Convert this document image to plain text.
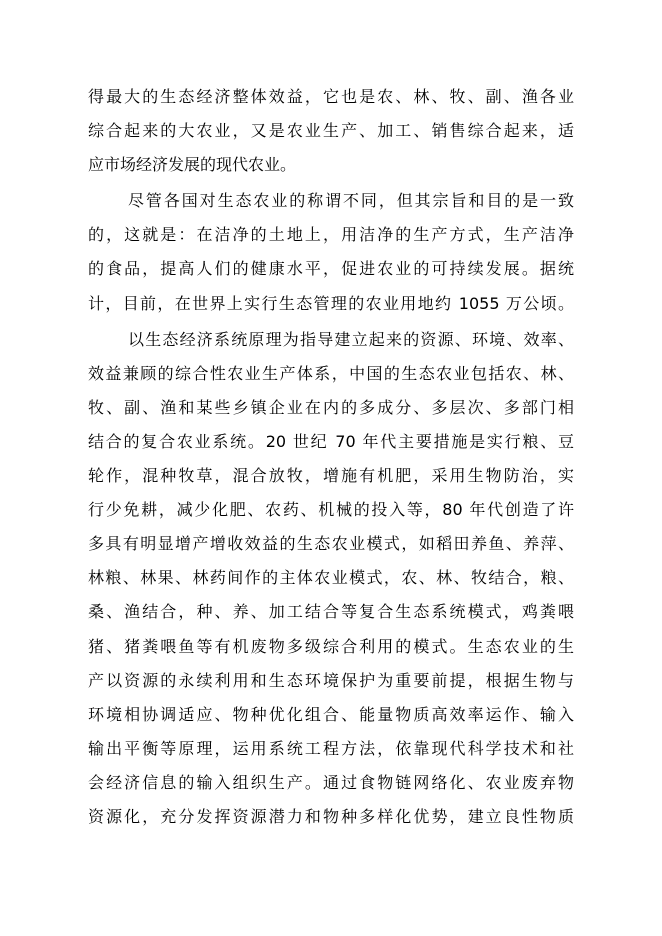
得最大的生态经济整体效益，它也是农、林、牧、副、渔各业
综合起来的大农业，又是农业生产、加工、销售综合起来，适
应市场经济发展的现代农业。
尽管各国对生态农业的称谓不同，但其宗旨和目的是一致
的，这就是：在洁净的土地上，用洁净的生产方式，生产洁净
的食品，提高人们的健康水平，促进农业的可持续发展。据统
计，目前，在世界上实行生态管理的农业用地约 1055 万公顷。
以生态经济系统原理为指导建立起来的资源、环境、效率、
效益兼顾的综合性农业生产体系，中国的生态农业包括农、林、
牧、副、渔和某些乡镇企业在内的多成分、多层次、多部门相
结合的复合农业系统。20 世纪 70 年代主要措施是实行粮、豆
轮作，混种牧草，混合放牧，增施有机肥，采用生物防治，实
行少免耕，减少化肥、农药、机械的投入等，80 年代创造了许
多具有明显增产增收效益的生态农业模式，如稻田养鱼、养萍、
林粮、林果、林药间作的主体农业模式，农、林、牧结合，粮、
桑、渔结合，种、养、加工结合等复合生态系统模式，鸡粪喂
猪、猪粪喂鱼等有机废物多级综合利用的模式。生态农业的生
产以资源的永续利用和生态环境保护为重要前提，根据生物与
环境相协调适应、物种优化组合、能量物质高效率运作、输入
输出平衡等原理，运用系统工程方法，依靠现代科学技术和社
会经济信息的输入组织生产。通过食物链网络化、农业废弃物
资源化，充分发挥资源潜力和物种多样化优势，建立良性物质
